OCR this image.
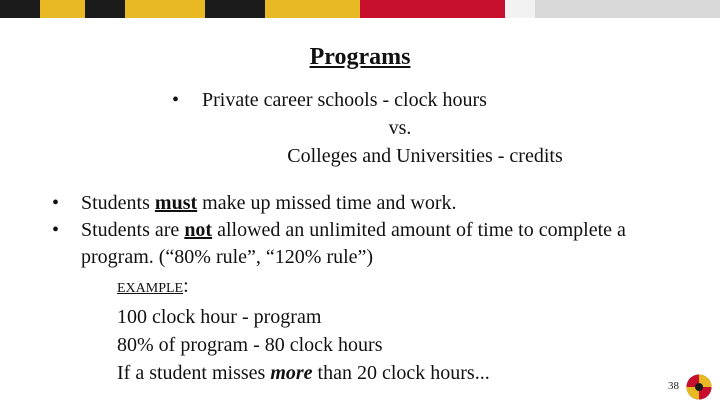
Programs
• Private career schools - clock hours
vs.
Colleges and Universities - credits
• Students must make up missed time and work.
• Students are not allowed an unlimited amount of time to complete a program. (“80% rule”, “120% rule”)
EXAMPLE:
100 clock hour - program
80% of program - 80 clock hours
If a student misses more than 20 clock hours...
38
